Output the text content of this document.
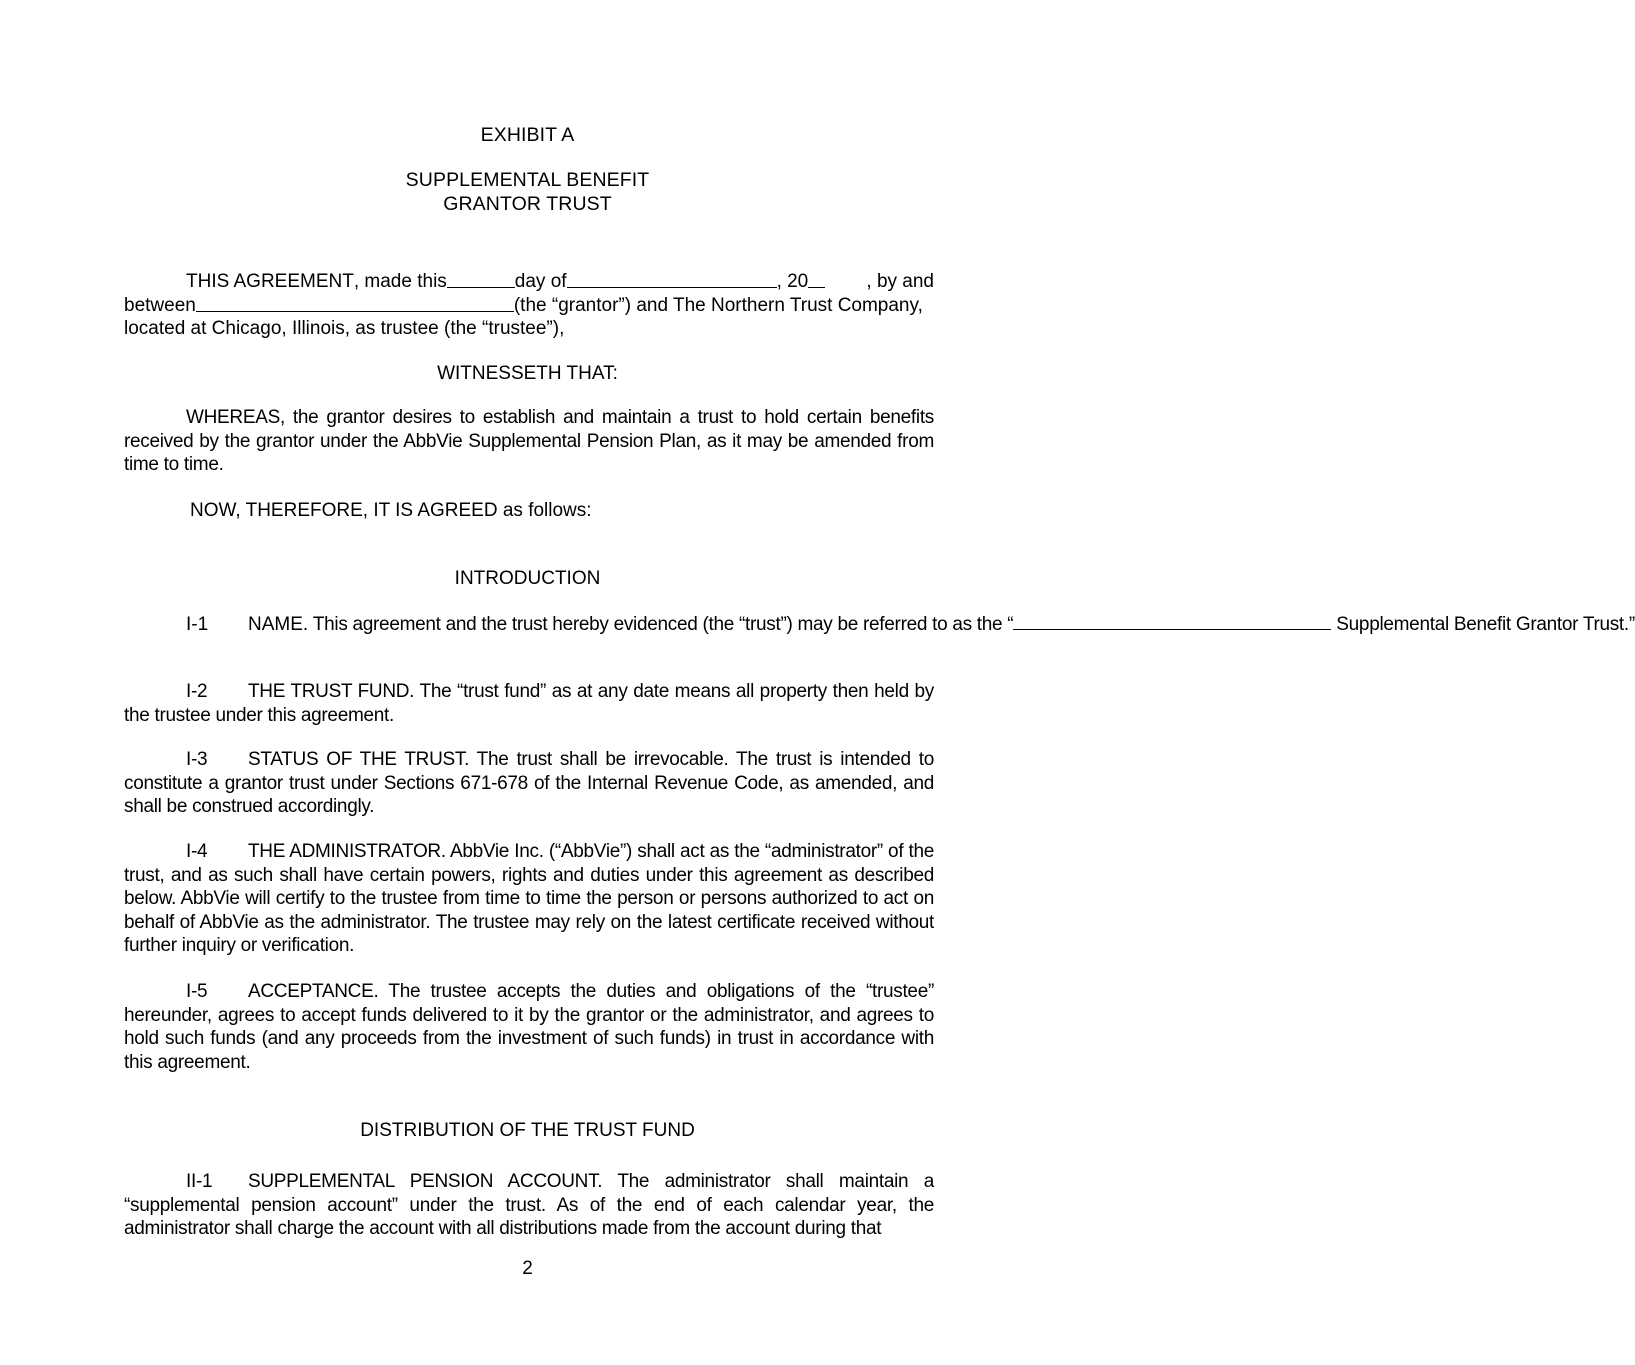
EXHIBIT A

SUPPLEMENTAL BENEFIT

GRANTOR TRUST

THIS AGREEMENT , made this	day of	, 20	, by and
between	(the “grantor”) and The Northern Trust Company,
located at Chicago, Illinois, as trustee (the “trustee”),

WITNESSETH THAT:

WHEREAS, the grantor desires to establish and maintain a trust to hold certain benefits received by the grantor under the AbbVie Supplemental Pension Plan, as it may be amended from time to time.

NOW, THEREFORE, IT IS AGREED as follows:

INTRODUCTION

I-1 NAME. This agreement and the trust hereby evidenced (the “trust”) may be referred to as the “	Supplemental Benefit Grantor Trust.”

I-2 THE TRUST FUND. The “trust fund” as at any date means all property then held by the trustee under this agreement.

I-3 STATUS OF THE TRUST. The trust shall be irrevocable. The trust is intended to constitute a grantor trust under Sections 671-678 of the Internal Revenue Code, as amended, and shall be construed accordingly.

I-4 THE ADMINISTRATOR. AbbVie Inc. (“AbbVie”) shall act as the “administrator” of the trust, and as such shall have certain powers, rights and duties under this agreement as described below. AbbVie will certify to the trustee from time to time the person or persons authorized to act on behalf of AbbVie as the administrator. The trustee may rely on the latest certificate received without further inquiry or verification.

I-5 ACCEPTANCE. The trustee accepts the duties and obligations of the “trustee” hereunder, agrees to accept funds delivered to it by the grantor or the administrator, and agrees to hold such funds (and any proceeds from the investment of such funds) in trust in accordance with this agreement.

DISTRIBUTION OF THE TRUST FUND

II-1 SUPPLEMENTAL PENSION ACCOUNT. The administrator shall maintain a “supplemental pension account” under the trust. As of the end of each calendar year, the administrator shall charge the account with all distributions made from the account during that

2
